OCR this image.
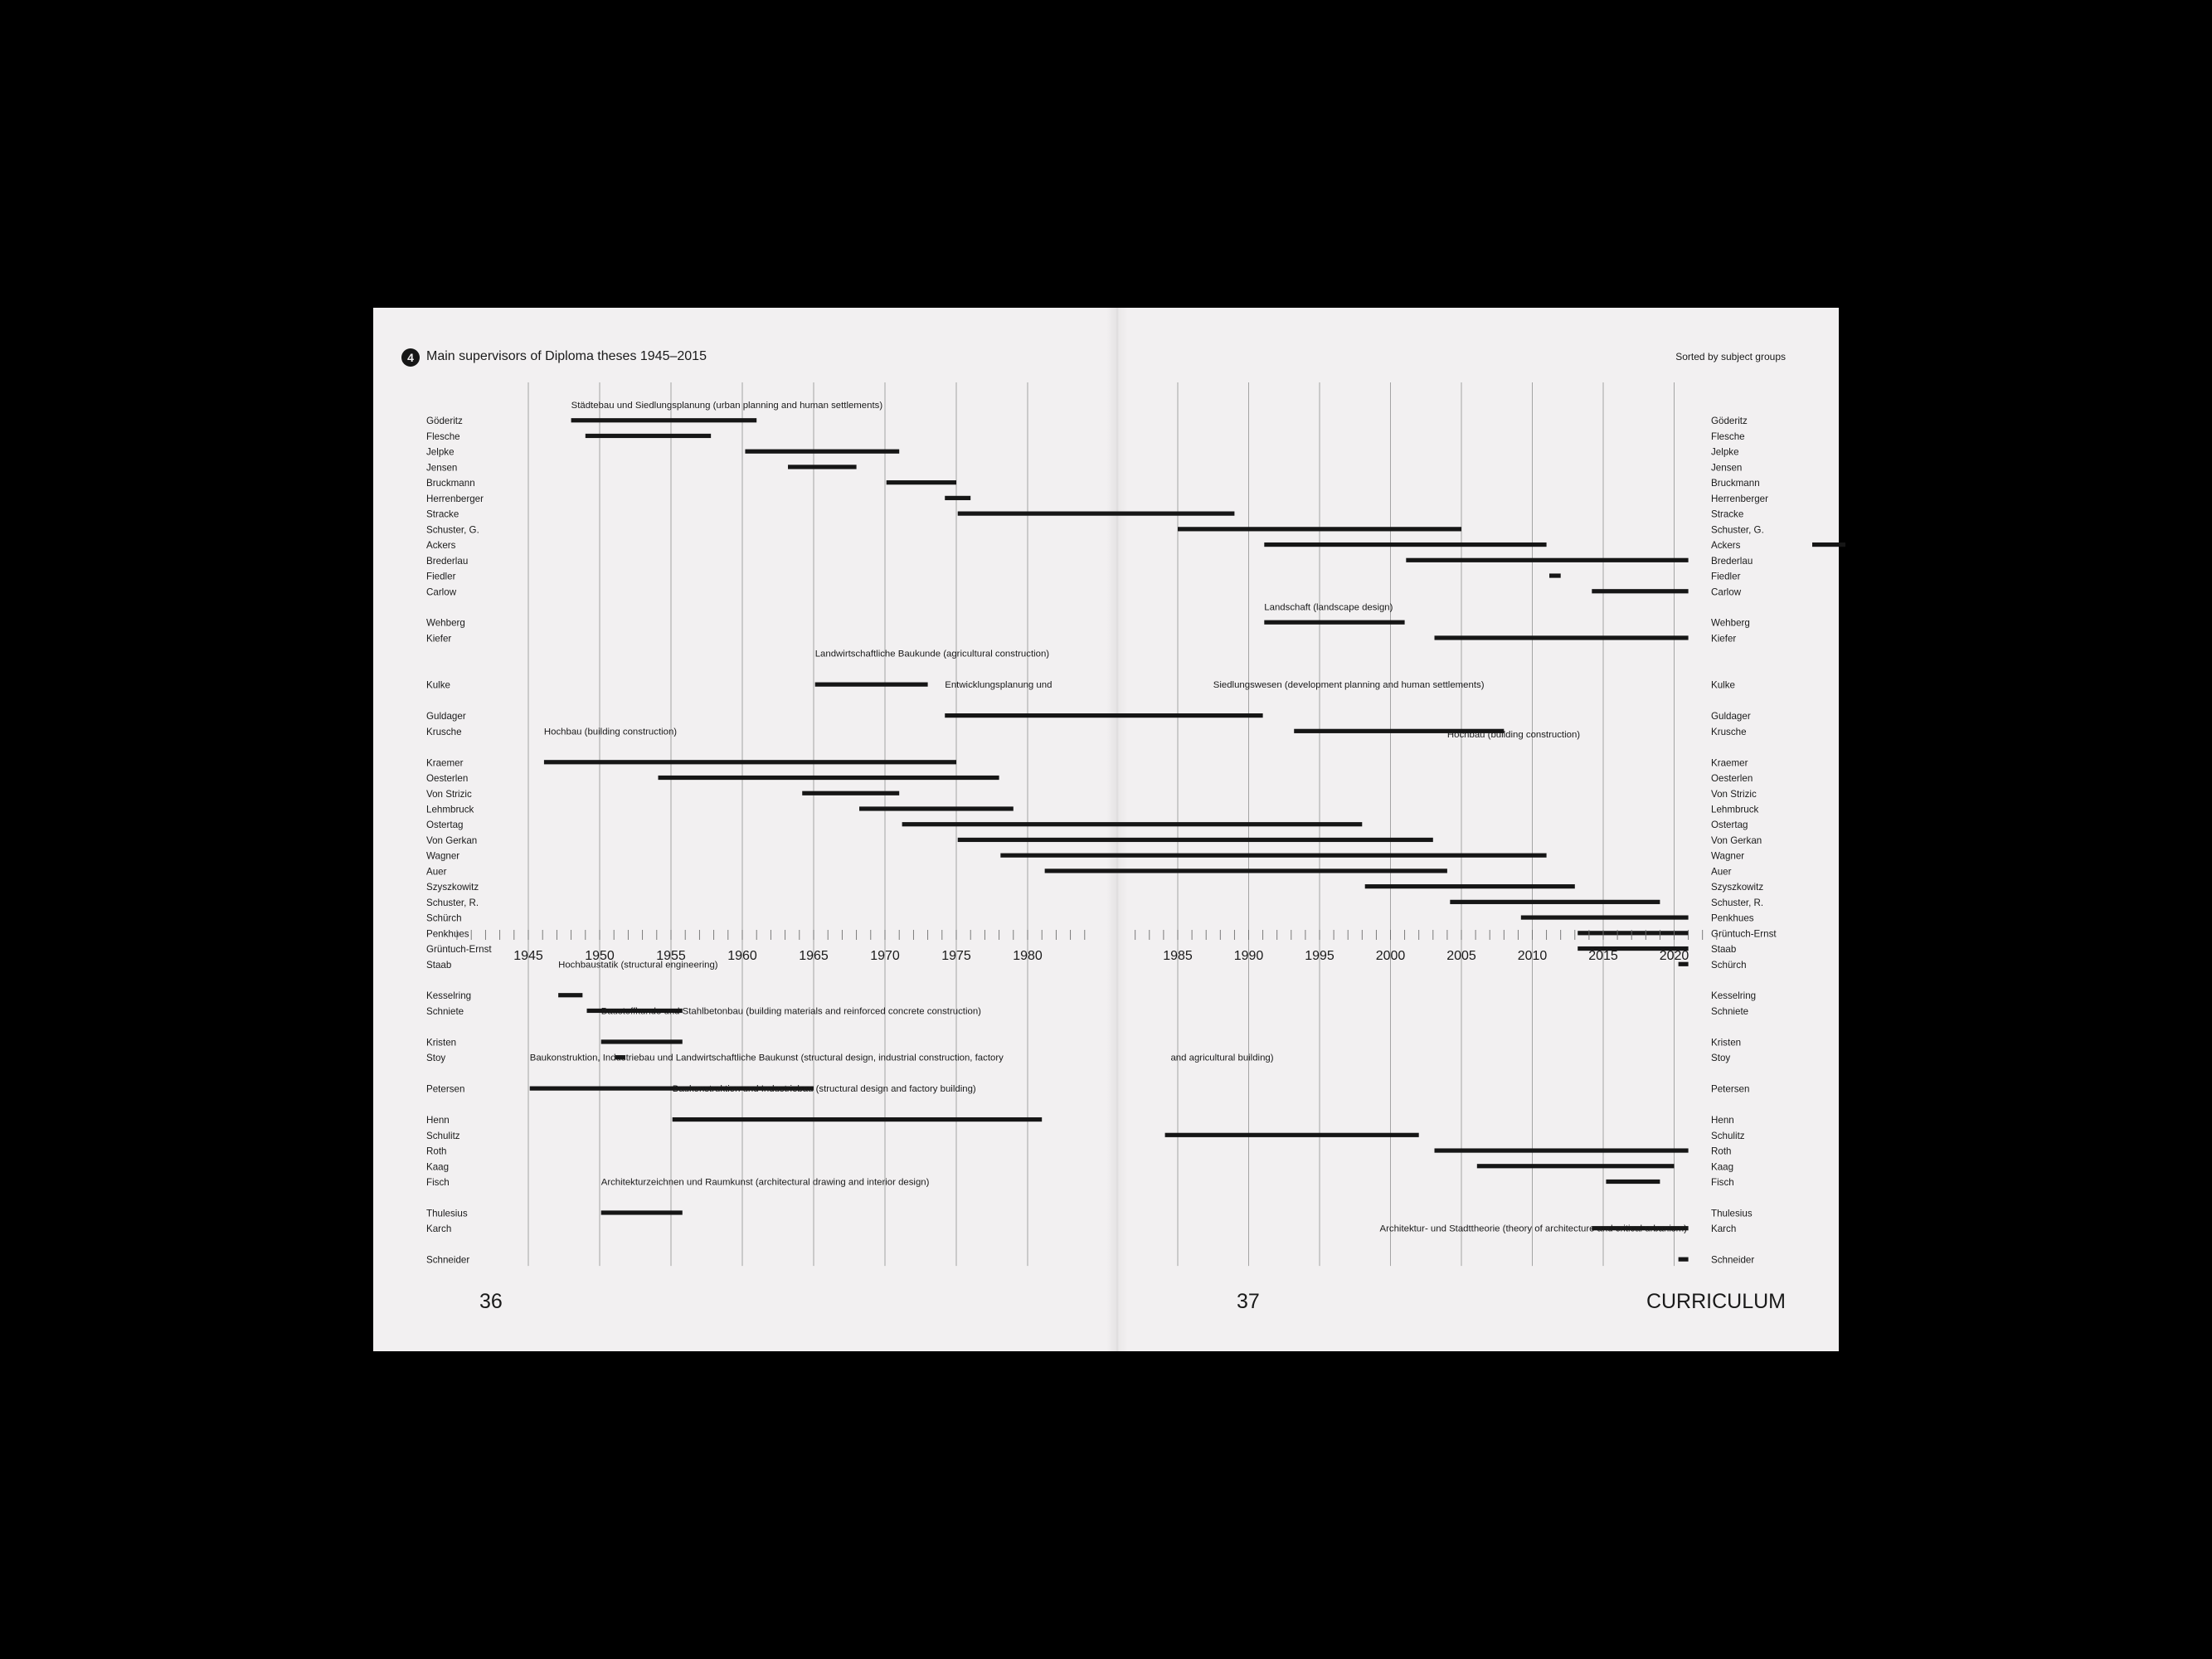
4 Main supervisors of Diploma theses 1945–2015	Sorted by subject groups
Göderitz
Flesche
Jelpke
Jensen
Bruckmann
Herrenberger
Stracke
Schuster, G.
Ackers
Brederlau
Fiedler
Carlow
Wehberg
Kiefer
Kulke
Guldager
Krusche
Kraemer
Oesterlen
Von Strizic
Lehmbruck
Ostertag
Von Gerkan
Wagner
Auer
Szyszkowitz
Schuster, R.
Schürch
Penkhues
Grüntuch-Ernst
Staab
Kesselring
Schniete
Kristen
Stoy
Petersen
Henn
Schulitz
Roth
Kaag
Fisch
Thulesius
Karch
Schneider
Göderitz
Flesche
Jelpke
Jensen
Bruckmann
Herrenberger
Stracke
Schuster, G.
Ackers
Brederlau
Fiedler
Carlow
Wehberg
Kiefer
Kulke
Guldager
Krusche
Kraemer
Oesterlen
Von Strizic
Lehmbruck
Ostertag
Von Gerkan
Wagner
Auer
Szyszkowitz
Schuster, R.
Penkhues
Grüntuch-Ernst
Staab
Schürch
Kesselring
Schniete
Kristen
Stoy
Petersen
Henn
Schulitz
Roth
Kaag
Fisch
Thulesius
Karch
Schneider
Städtebau und Siedlungsplanung (urban planning and human settlements)
Landschaft (landscape design)
Landwirtschaftliche Baukunde (agricultural construction)
Entwicklungsplanung und	Siedlungswesen (development planning and human settlements)
Hochbau (building construction)	Hochbau (building construction)
Hochbaustatik (structural engineering)
Baustoffkunde und Stahlbetonbau (building materials and reinforced concrete construction)
Baukonstruktion, Industriebau und Landwirtschaftliche Baukunst (structural design, industrial construction, factory	and agricultural building)
Baukonstruktion und Industriebau (structural design and factory building)
Architekturzeichnen und Raumkunst (architectural drawing and interior design)
Architektur- und Stadttheorie (theory of architecture and critical urbanism)
1945	1950	1955	1960	1965	1970	1975	1980	1985	1990	1995	2000	2005	2010	2015	2020
36	37	CURRICULUM
